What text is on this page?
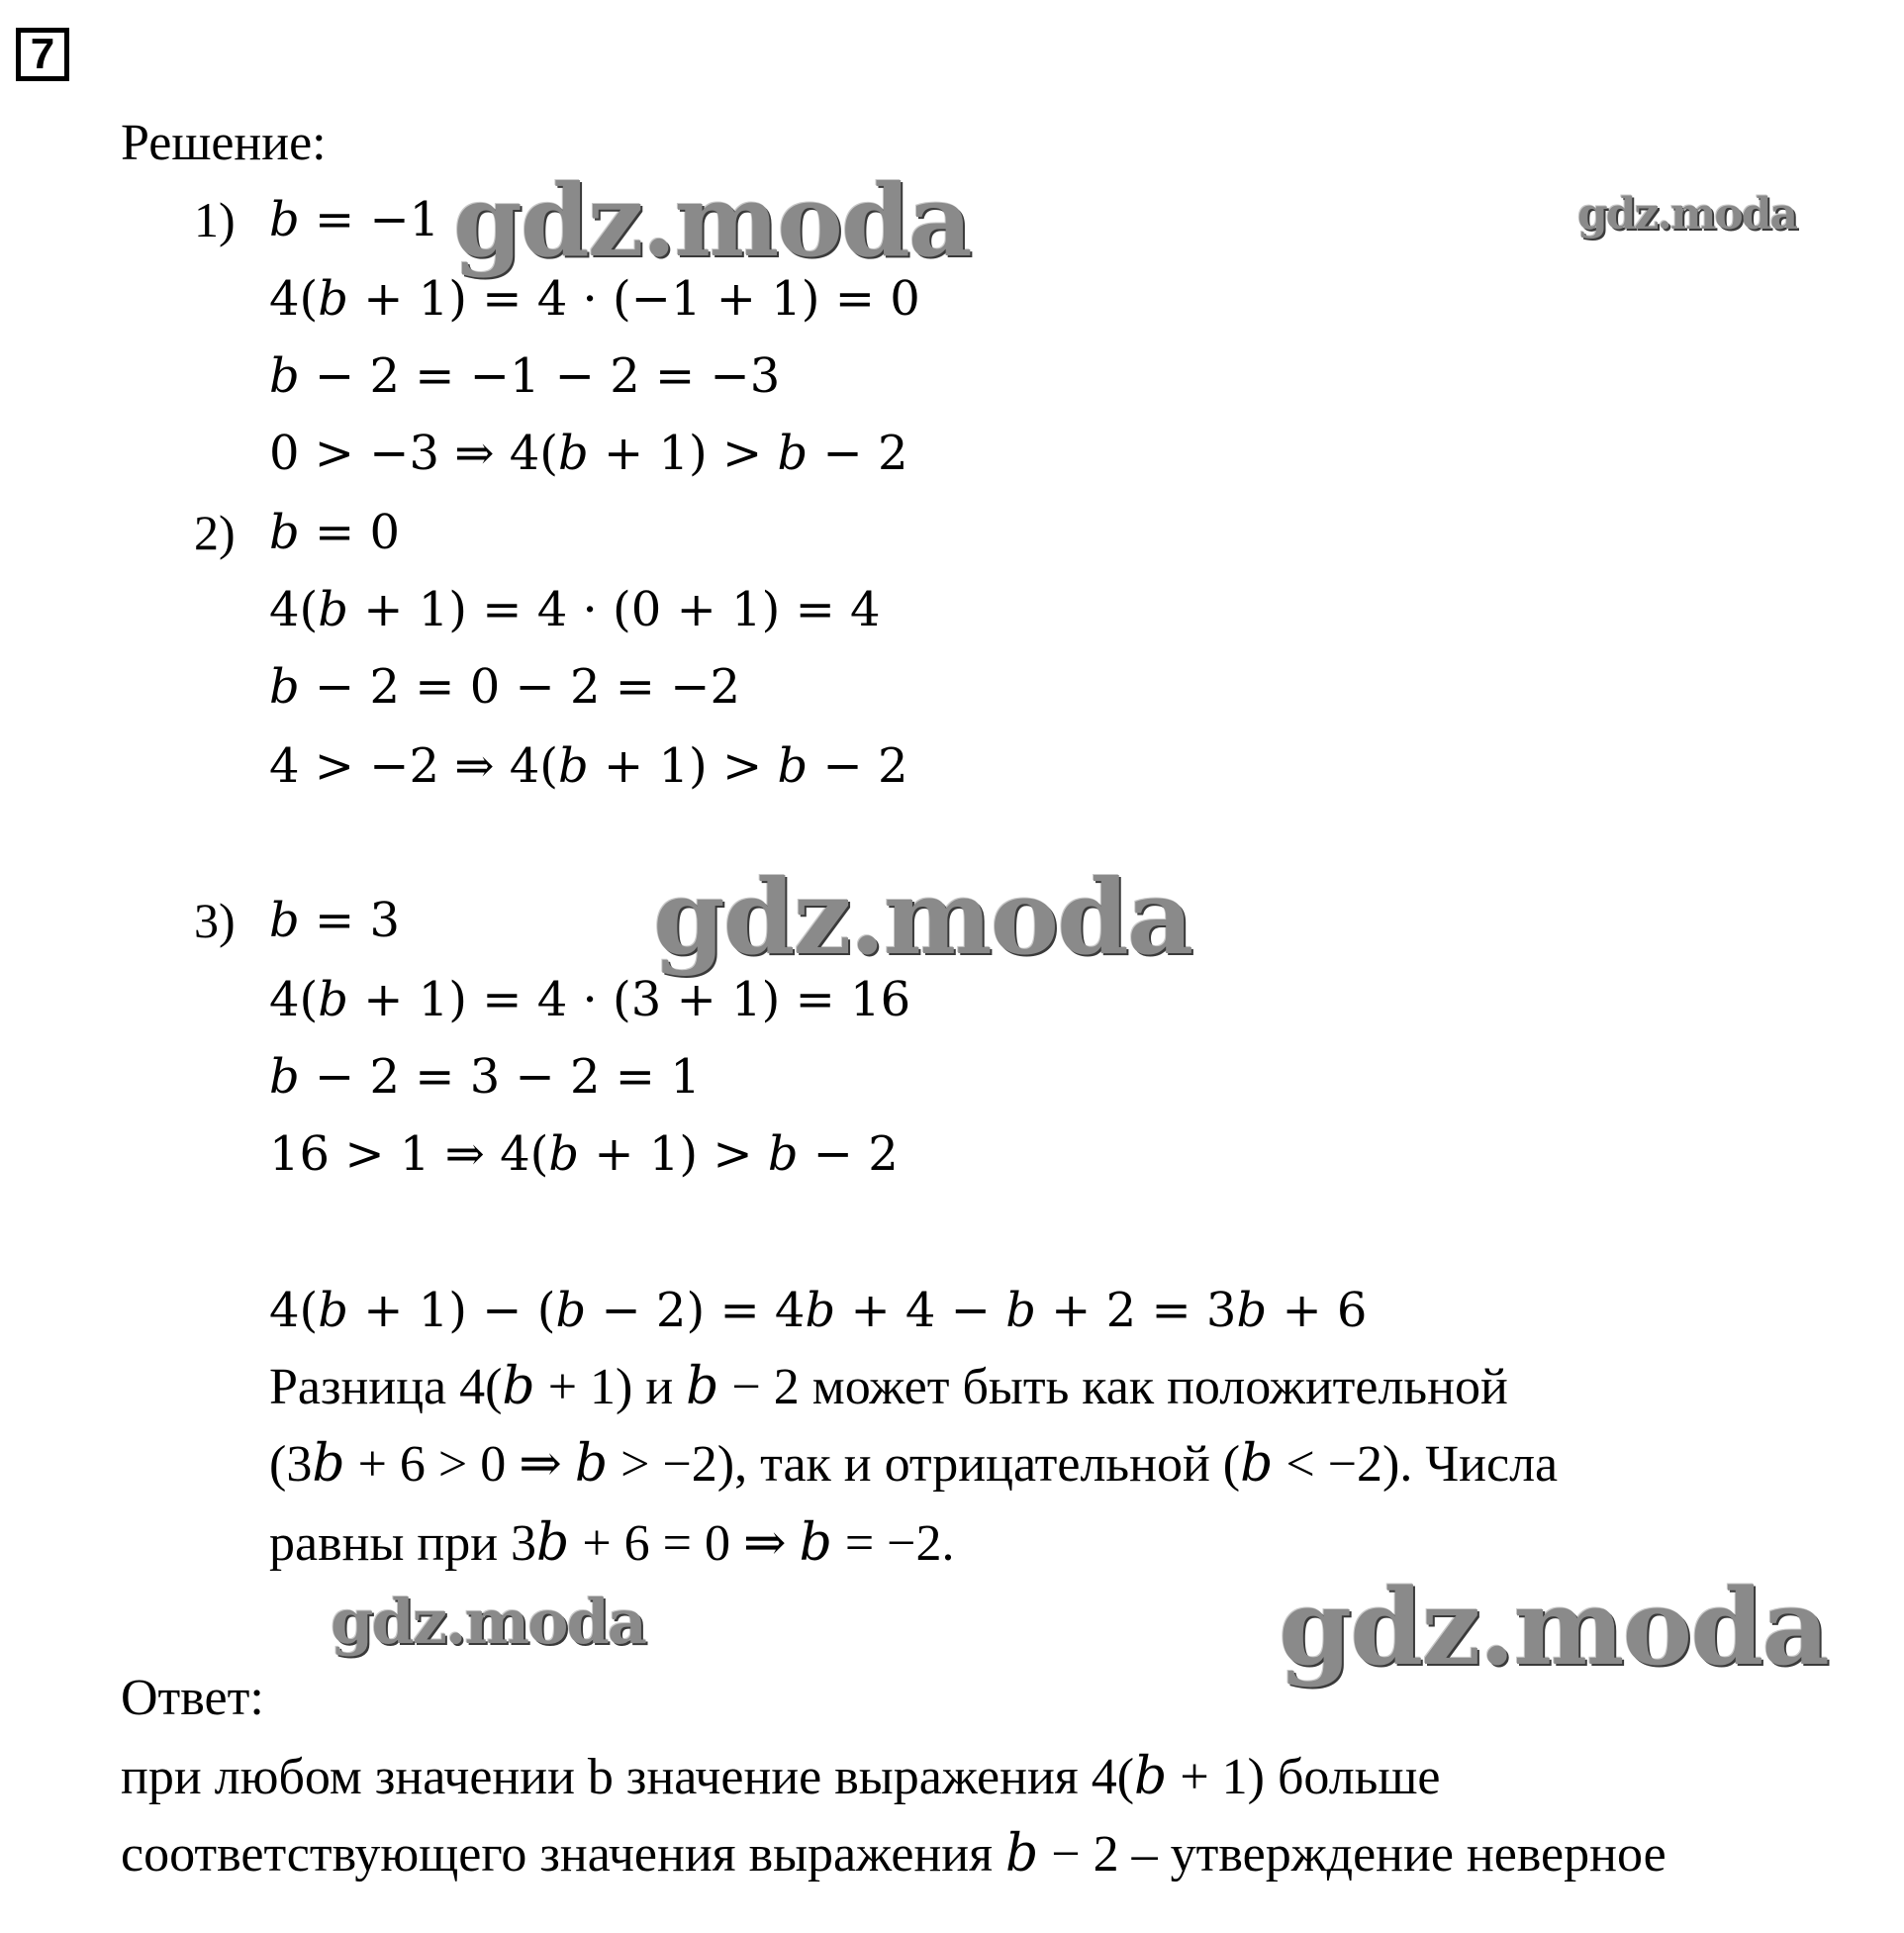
7
Решение:
1) 𝑏 = −1
4(𝑏 + 1) = 4 · (−1 + 1) = 0
𝑏 − 2 = −1 − 2 = −3
0 > −3 ⇒ 4(𝑏 + 1) > 𝑏 − 2
2) 𝑏 = 0
4(𝑏 + 1) = 4 · (0 + 1) = 4
𝑏 − 2 = 0 − 2 = −2
4 > −2 ⇒ 4(𝑏 + 1) > 𝑏 − 2
3) 𝑏 = 3
4(𝑏 + 1) = 4 · (3 + 1) = 16
𝑏 − 2 = 3 − 2 = 1
16 > 1 ⇒ 4(𝑏 + 1) > 𝑏 − 2
4(𝑏 + 1) − (𝑏 − 2) = 4𝑏 + 4 − 𝑏 + 2 = 3𝑏 + 6
Разница 4(𝑏 + 1) и 𝑏 − 2 может быть как положительной
(3𝑏 + 6 > 0 ⇒ 𝑏 > −2), так и отрицательной (𝑏 < −2). Числа
равны при 3𝑏 + 6 = 0 ⇒ 𝑏 = −2.
Ответ:
при любом значении b значение выражения 4(𝑏 + 1) больше
соответствующего значения выражения 𝑏 − 2 – утверждение неверное
gdz.moda	gdz.moda
gdz.moda
gdz.moda	gdz.moda
